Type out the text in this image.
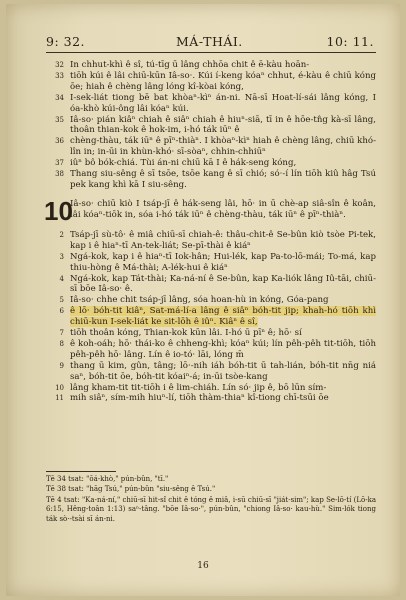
9: 32.	MÁ-THÁI.	10: 11.

32 In chhut-khì ê sî, tú-tīg ū lâng chhōa chit ê ē-kàu hoān-

33 tiōh kúi ê lâi chiū-kūn Iâ-so·. Kúi í-keng kóaⁿ chhut, é-kàu ê chiū kóng ōe; hiah ê chèng lâng lóng kî-kòai kóng,

34 I-sek-liát tiong bē bat khòaⁿ-kìⁿ án-ni. Nā-sī Hoat-lí-sái lâng kóng, I óa-khò kúi-ông lâi kóaⁿ kúi.

35 Iâ-so· pián kiâⁿ chiah ê siâⁿ chiah ê hiuⁿ-siā, tī in ê hōe-tn̂g kà-sī lâng, thoân thian-kok ê hok-im, i-hó ták iūⁿ ê

36 chèng-thàu, ták iūⁿ ê pīⁿ-thiàⁿ. I khòaⁿ-kìⁿ hiah ê chèng lâng, chiū khó-lîn in; in-ūi in khùn-khó· sī-sòaⁿ, chhin-chhiūⁿ

37 iûⁿ bô bók-chiá. Tùi án-ni chiū kā I ê hák-seng kóng,

38 Thang siu-sêng ê sī tsōe, tsōe kang ê sī chió; só·-í lín tiōh kiû hâg Tsú pek kang khì kā I siu-sêng.

10
Iâ-so· chiū kiò I tsáp-jī ê hák-seng lâi, hō· in ū chè-ap siâ-sîn ê koân, lâi kóaⁿ-tiōk in, sóa i-hó ták iūⁿ ê chèng-thàu, ták iūⁿ ê pīⁿ-thiàⁿ.

2 Tsáp-jī sù-tô· ê miâ chiū-sī chiah-ê: thâu-chit-ê Se-bûn kiò tsòe Pi-tek, kap i ê hiaⁿ-tī An-tek-liát; Se-pī-thài ê kiáⁿ

3 Ngá-kok, kap i ê hiaⁿ-tī Iok-hân; Hui-lék, kap Pa-to-lō-mái; To-má, kap thiu-hòng ê Má-thài; A-lék-hui ê kiáⁿ

4 Ngá-kok, kap Tát-thài; Ka-ná-ní ê Se-bûn, kap Ka-liók lâng Iû-tāi, chiū-sī bōe Iâ-so· ê.

5 Iâ-so· chhe chit tsáp-jī lâng, sóa hoan-hù in kóng, Góa-pang

6 ê lō· bóh-tit kiâⁿ, Sat-má-lí-a lâng ê siâⁿ bóh-tit jip; khah-hó tiōh khì chiū-kun I-sek-liát ke sit-lōh ê iûⁿ. Kiâⁿ ê sî,

7 tiōh thoân kóng, Thian-kok kūn lâi. I-hó ū pīⁿ ê; hō· sí

8 ê koh-oáh; hō· thái-ko ê chheng-khì; kóaⁿ kúi; lín pêh-pêh tit-tiōh, tiōh pêh-pêh hō· lâng. Lín ê io-tó· lāi, lóng m̄

9 thang ū kim, gûn, tâng; lō·-nih iáh bóh-tit ū tah-lián, bóh-tit nn̄g niá saⁿ, bóh-tit ōe, bóh-tit kóaiⁿ-á; in-ūi tsòe-kang

10 lâng kham-tit tit-tiōh i ê lim-chiáh. Lín só· jip ê, bō lūn sím-

11 mih siâⁿ, sím-mih hiuⁿ-lí, tiōh thàm-thiaⁿ kî-tiong chī-tsūi ōe

Tē 34 tsat: "ōá-khò," pún-bûn, "tī."

Tē 38 tsat: "hāg Tsú," pún-bûn "siu-sêng ê Tsú."

Tē 4 tsat: "Ka-ná-ní," chiū-sī hit-sî chit ê tóng ê miâ, i-sū chiū-sī "jiát-sim"; kap Se-lō-tí (Lō-ka 6:15, Hêng-toân 1:13) saⁿ-tâng. "bōe Iâ-so·", pún-bûn, "chiong Iâ-so· kau-hù." Sim-lók tiong ták sò·-tsài sī án-ni.

16
